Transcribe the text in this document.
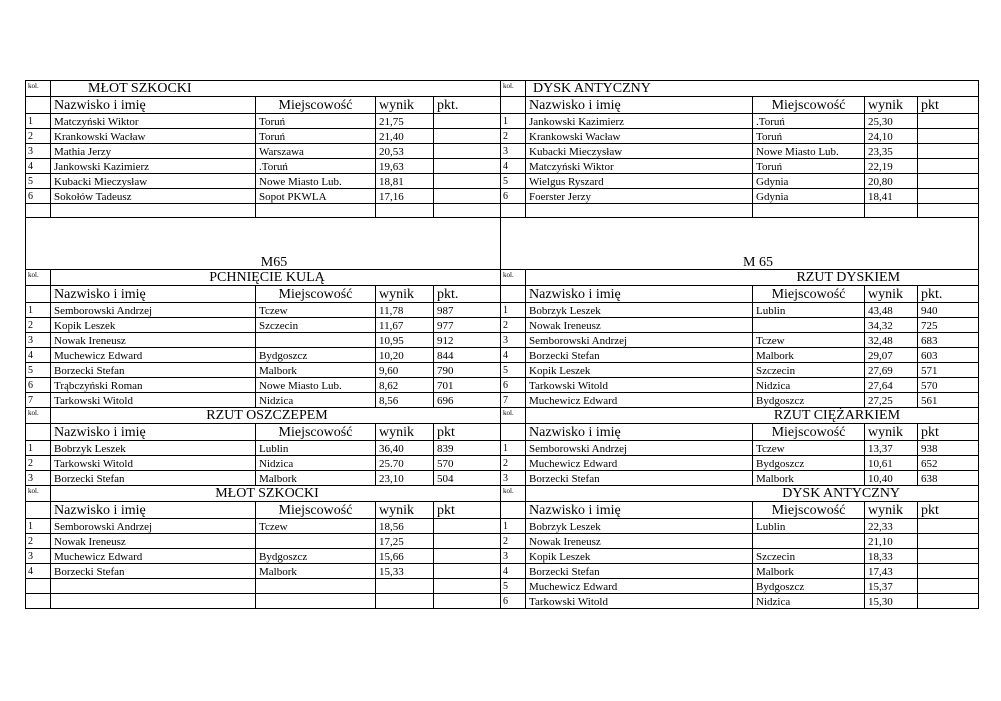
kol.	MŁOT SZKOCKI				kol.	DYSK ANTYCZNY			
	Nazwisko i imię	Miejscowość	wynik	pkt.		Nazwisko i imię	Miejscowość	wynik	pkt
1	Matczyński Wiktor	Toruń	21,75		1	Jankowski Kazimierz	.Toruń	25,30	
2	Krankowski Wacław	Toruń	21,40		2	Krankowski Wacław	Toruń	24,10	
3	Mathia Jerzy	Warszawa	20,53		3	Kubacki Mieczysław	Nowe Miasto Lub.	23,35	
4	Jankowski Kazimierz	.Toruń	19,63		4	Matczyński Wiktor	Toruń	22,19	
5	Kubacki Mieczysław	Nowe Miasto Lub.	18,81		5	Wielgus Ryszard	Gdynia	20,80	
6	Sokołów Tadeusz	Sopot PKWLA	17,16		6	Foerster Jerzy	Gdynia	18,41	

M65					M 65				
kol.	PCHNIĘCIE KULĄ				kol.	RZUT DYSKIEM			
	Nazwisko i imię	Miejscowość	wynik	pkt.		Nazwisko i imię	Miejscowość	wynik	pkt.
1	Semborowski Andrzej	Tczew	11,78	987	1	Bobrzyk Leszek	Lublin	43,48	940
2	Kopik Leszek	Szczecin	11,67	977	2	Nowak Ireneusz		34,32	725
3	Nowak Ireneusz		10,95	912	3	Semborowski Andrzej	Tczew	32,48	683
4	Muchewicz Edward	Bydgoszcz	10,20	844	4	Borzecki Stefan	Malbork	29,07	603
5	Borzecki Stefan	Malbork	9,60	790	5	Kopik Leszek	Szczecin	27,69	571
6	Trąbczyński Roman	Nowe Miasto Lub.	8,62	701	6	Tarkowski Witold	Nidzica	27,64	570
7	Tarkowski Witold	Nidzica	8,56	696	7	Muchewicz Edward	Bydgoszcz	27,25	561
kol.	RZUT OSZCZEPEM				kol.	RZUT CIĘŻARKIEM			
	Nazwisko i imię	Miejscowość	wynik	pkt		Nazwisko i imię	Miejscowość	wynik	pkt
1	Bobrzyk Leszek	Lublin	36,40	839	1	Semborowski Andrzej	Tczew	13,37	938
2	Tarkowski Witold	Nidzica	25.70	570	2	Muchewicz Edward	Bydgoszcz	10,61	652
3	Borzecki Stefan	Malbork	23,10	504	3	Borzecki Stefan	Malbork	10,40	638
kol.	MŁOT SZKOCKI				kol.	DYSK ANTYCZNY			
	Nazwisko i imię	Miejscowość	wynik	pkt		Nazwisko i imię	Miejscowość	wynik	pkt
1	Semborowski Andrzej	Tczew	18,56		1	Bobrzyk Leszek	Lublin	22,33	
2	Nowak Ireneusz		17,25		2	Nowak Ireneusz		21,10	
3	Muchewicz Edward	Bydgoszcz	15,66		3	Kopik Leszek	Szczecin	18,33	
4	Borzecki Stefan	Malbork	15,33		4	Borzecki Stefan	Malbork	17,43	
					5	Muchewicz Edward	Bydgoszcz	15,37	
					6	Tarkowski Witold	Nidzica	15,30	
